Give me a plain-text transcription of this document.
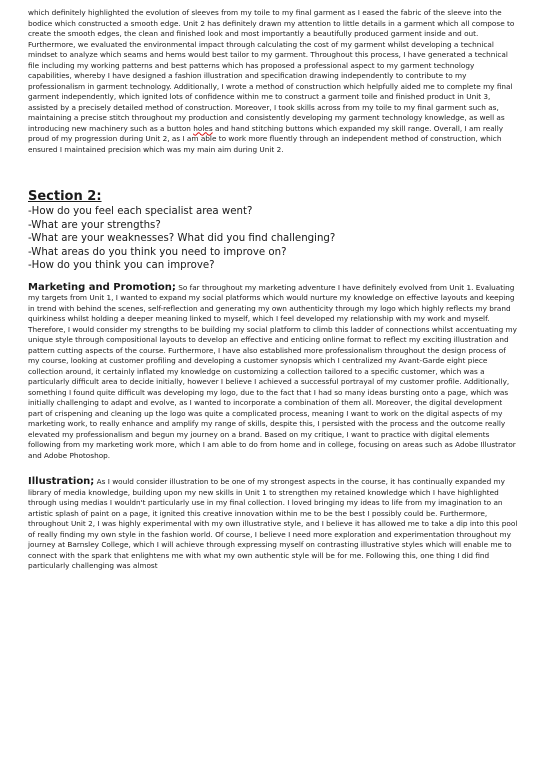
which definitely highlighted the evolution of sleeves from my toile to my final garment as I eased the fabric of the sleeve into the bodice which constructed a smooth edge. Unit 2 has definitely drawn my attention to little details in a garment which all compose to create the smooth edges, the clean and finished look and most importantly a beautifully produced garment inside and out. Furthermore, we evaluated the environmental impact through calculating the cost of my garment whilst developing a technical mindset to analyze which seams and hems would best tailor to my garment. Throughout this process, I have generated a technical file including my working patterns and best patterns which has proposed a professional aspect to my garment technology capabilities, whereby I have designed a fashion illustration and specification drawing independently to contribute to my professionalism in garment technology. Additionally, I wrote a method of construction which helpfully aided me to complete my final garment independently, which ignited lots of confidence within me to construct a garment toile and finished product in Unit 3, assisted by a precisely detailed method of construction. Moreover, I took skills across from my toile to my final garment such as, maintaining a precise stitch throughout my production and consistently developing my garment technology knowledge, as well as introducing new machinery such as a button holes and hand stitching buttons which expanded my skill range. Overall, I am really proud of my progression during Unit 2, as I am able to work more fluently through an independent method of construction, which ensured I maintained precision which was my main aim during Unit 2.

Section 2:

-How do you feel each specialist area went?

-What are your strengths?

-What are your weaknesses? What did you find challenging?

-What areas do you think you need to improve on?

-How do you think you can improve?

Marketing and Promotion; So far throughout my marketing adventure I have definitely evolved from Unit 1. Evaluating my targets from Unit 1, I wanted to expand my social platforms which would nurture my knowledge on effective layouts and keeping in trend with behind the scenes, self-reflection and generating my own authenticity through my logo which highly reflects my brand quirkiness whilst holding a deeper meaning linked to myself, which I feel developed my relationship with my work and myself. Therefore, I would consider my strengths to be building my social platform to climb this ladder of connections whilst accentuating my unique style through compositional layouts to develop an effective and enticing online format to reflect my exciting illustration and pattern cutting aspects of the course. Furthermore, I have also established more professionalism throughout the design process of my course, looking at customer profiling and developing a customer synopsis which I centralized my Avant-Garde eight piece collection around, it certainly inflated my knowledge on customizing a collection tailored to a specific customer, which was a particularly difficult area to decide initially, however I believe I achieved a successful portrayal of my customer profile. Additionally, something I found quite difficult was developing my logo, due to the fact that I had so many ideas bursting onto a page, which was initially challenging to adapt and evolve, as I wanted to incorporate a combination of them all. Moreover, the digital development part of crispening and cleaning up the logo was quite a complicated process, meaning I want to work on the digital aspects of my marketing work, to really enhance and amplify my range of skills, despite this, I persisted with the process and the outcome really elevated my professionalism and begun my journey on a brand. Based on my critique, I want to practice with digital elements following from my marketing work more, which I am able to do from home and in college, focusing on areas such as Adobe Illustrator and Adobe Photoshop.

Illustration; As I would consider illustration to be one of my strongest aspects in the course, it has continually expanded my library of media knowledge, building upon my new skills in Unit 1 to strengthen my retained knowledge which I have highlighted through using medias I wouldn't particularly use in my final collection. I loved bringing my ideas to life from my imagination to an artistic splash of paint on a page, it ignited this creative innovation within me to be the best I possibly could be. Furthermore, throughout Unit 2, I was highly experimental with my own illustrative style, and I believe it has allowed me to take a dip into this pool of really finding my own style in the fashion world. Of course, I believe I need more exploration and experimentation throughout my journey at Barnsley College, which I will achieve through expressing myself on contrasting illustrative styles which will enable me to connect with the spark that enlightens me with what my own authentic style will be for me. Following this, one thing I did find particularly challenging was almost
